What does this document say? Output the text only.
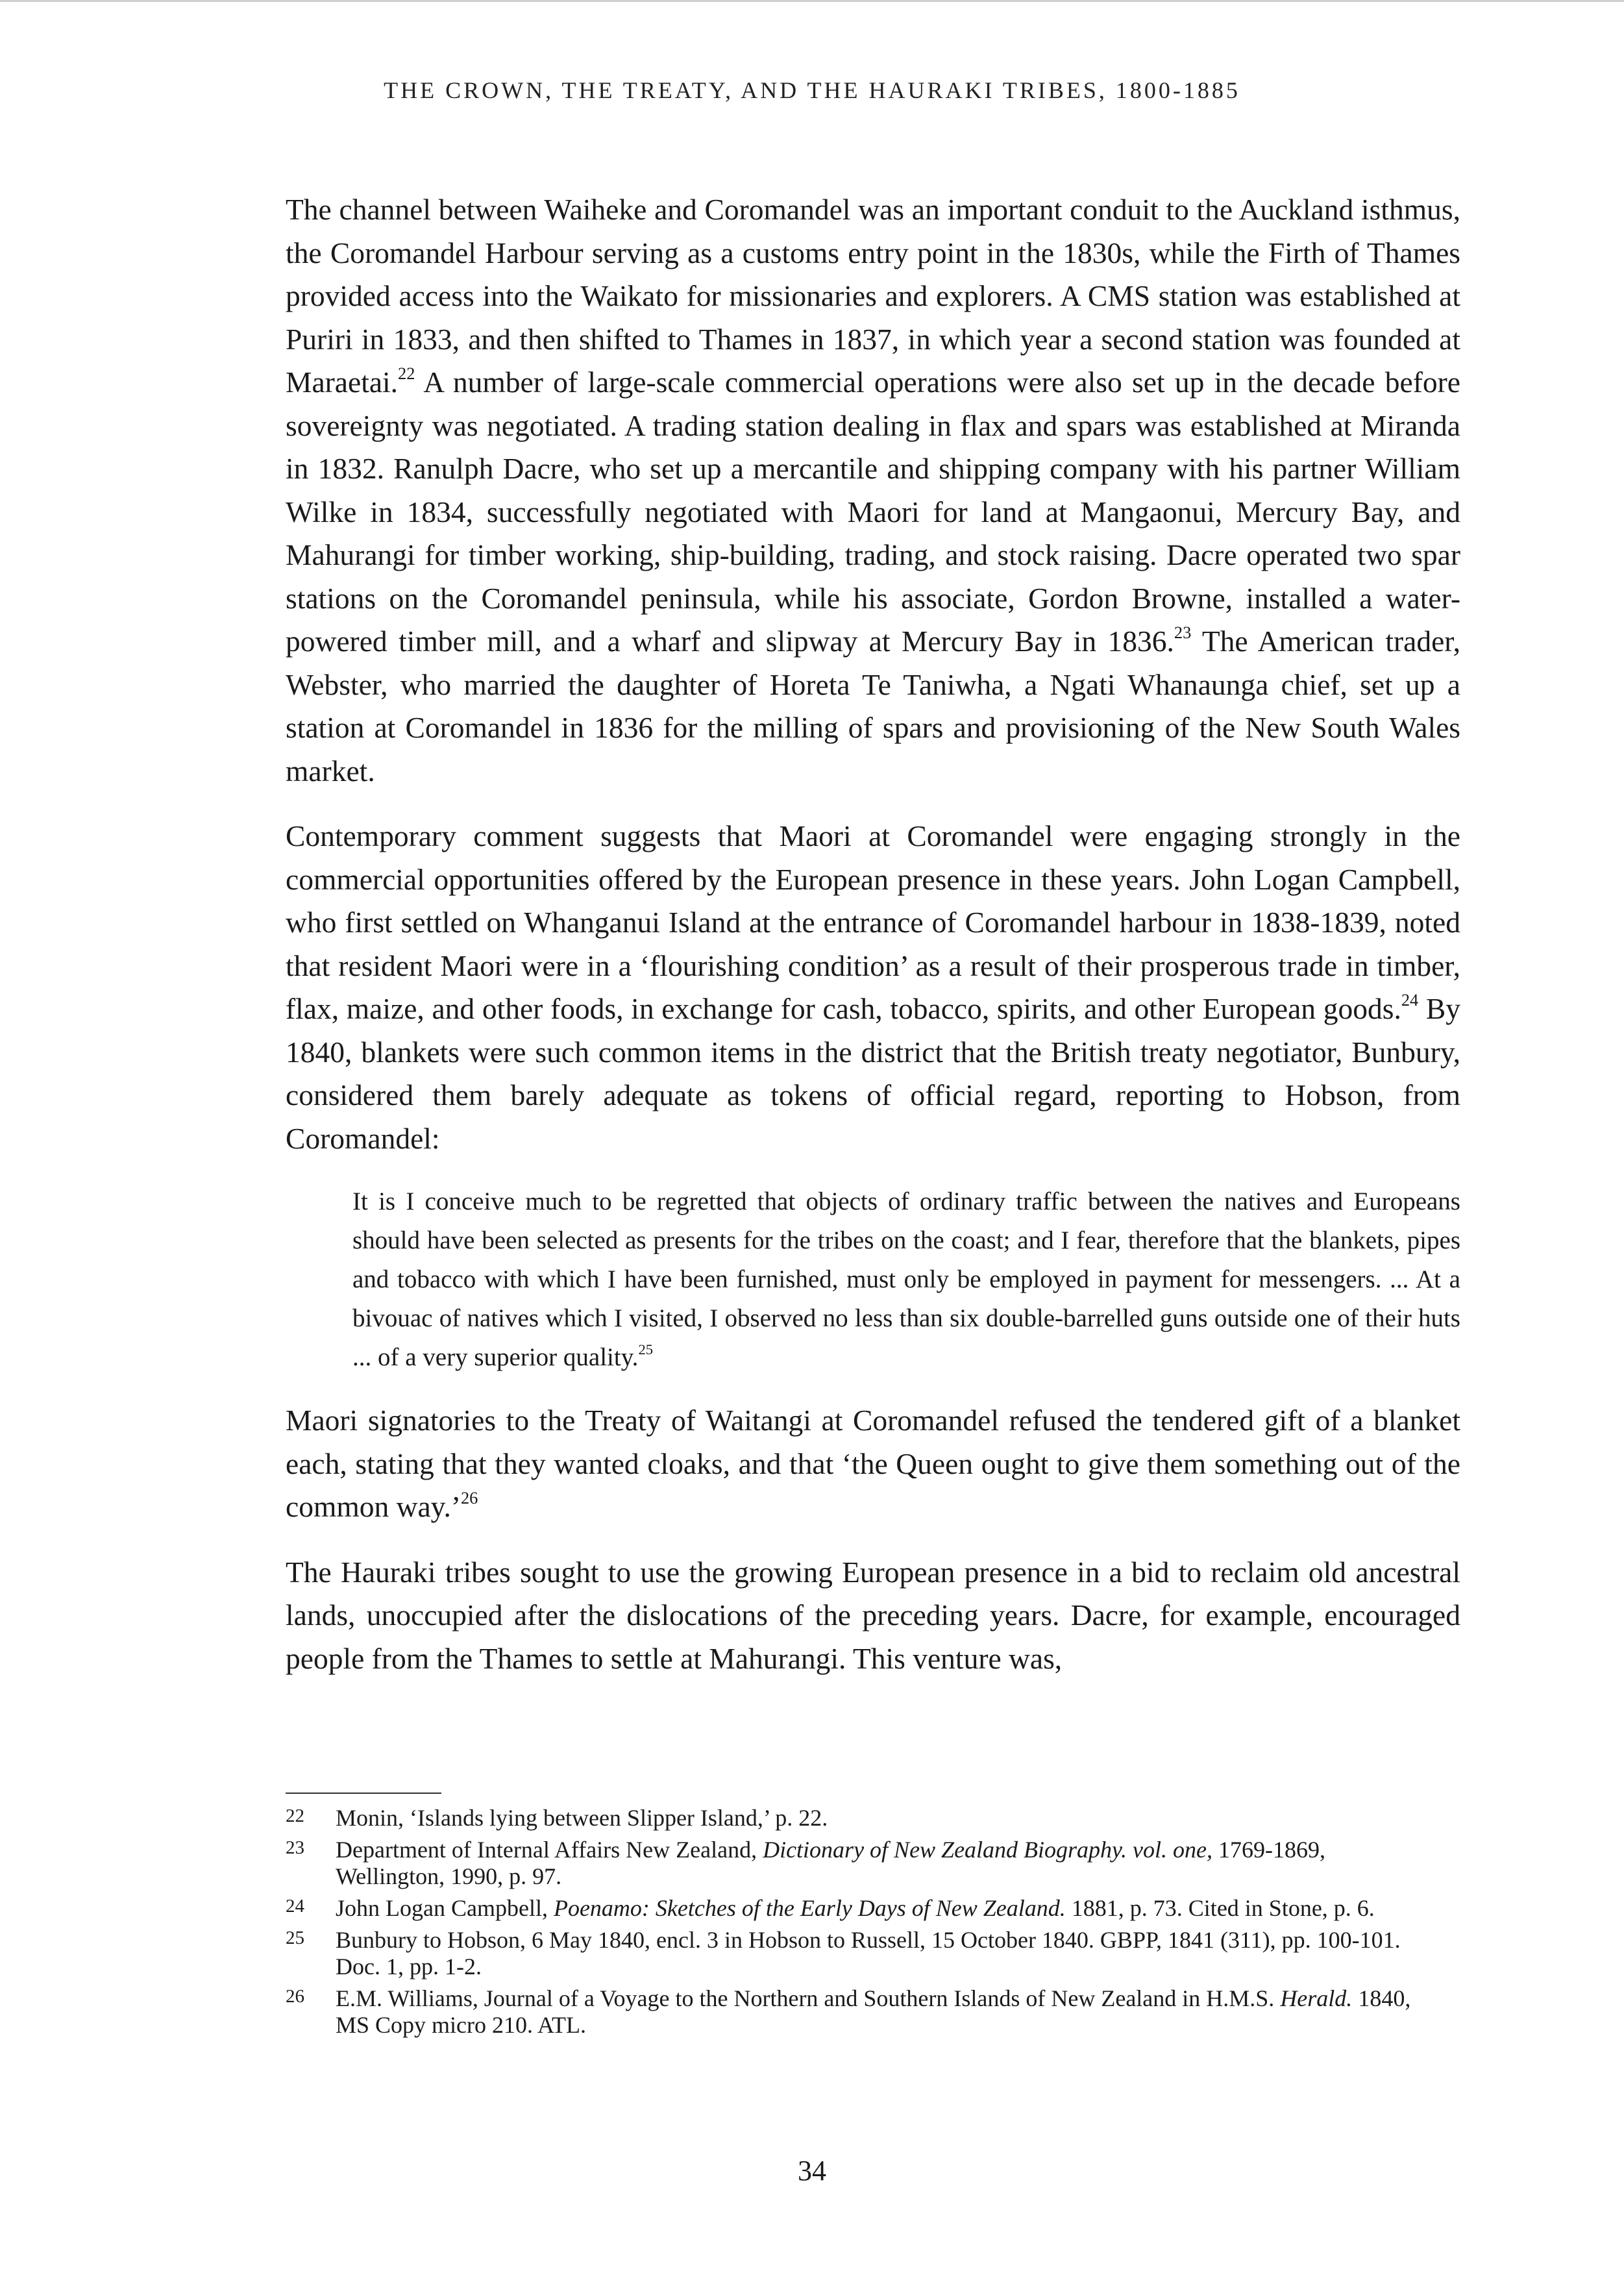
THE CROWN, THE TREATY, AND THE HAURAKI TRIBES, 1800-1885

The channel between Waiheke and Coromandel was an important conduit to the Auckland isthmus, the Coromandel Harbour serving as a customs entry point in the 1830s, while the Firth of Thames provided access into the Waikato for missionaries and explorers. A CMS station was established at Puriri in 1833, and then shifted to Thames in 1837, in which year a second station was founded at Maraetai.$^{22}$ A number of large-scale commercial operations were also set up in the decade before sovereignty was negotiated. A trading station dealing in flax and spars was established at Miranda in 1832. Ranulph Dacre, who set up a mercantile and shipping company with his partner William Wilke in 1834, successfully negotiated with Maori for land at Mangaonui, Mercury Bay, and Mahurangi for timber working, ship-building, trading, and stock raising. Dacre operated two spar stations on the Coromandel peninsula, while his associate, Gordon Browne, installed a water-powered timber mill, and a wharf and slipway at Mercury Bay in 1836.23 The American trader, Webster, who married the daughter of Horeta Te Taniwha, a Ngati Whanaunga chief, set up a station at Coromandel in 1836 for the milling of spars and provisioning of the New South Wales market.

Contemporary comment suggests that Maori at Coromandel were engaging strongly in the commercial opportunities offered by the European presence in these years. John Logan Campbell, who first settled on Whanganui Island at the entrance of Coromandel harbour in 1838-1839, noted that resident Maori were in a ‘flourishing condition’ as a result of their prosperous trade in timber, flax, maize, and other foods, in exchange for cash, tobacco, spirits, and other European goods.$^{24}$ By 1840, blankets were such common items in the district that the British treaty negotiator, Bunbury, considered them barely adequate as tokens of official regard, reporting to Hobson, from Coromandel:

It is I conceive much to be regretted that objects of ordinary traffic between the natives and Europeans should have been selected as presents for the tribes on the coast; and I fear, therefore that the blankets, pipes and tobacco with which I have been furnished, must only be employed in payment for messengers. ... At a bivouac of natives which I visited, I observed no less than six double-barrelled guns outside one of their huts ... of a very superior quality.$^{25}$

Maori signatories to the Treaty of Waitangi at Coromandel refused the tendered gift of a blanket each, stating that they wanted cloaks, and that ‘the Queen ought to give them something out of the common way.’$^{26}$

The Hauraki tribes sought to use the growing European presence in a bid to reclaim old ancestral lands, unoccupied after the dislocations of the preceding years. Dacre, for example, encouraged people from the Thames to settle at Mahurangi. This venture was,

22	Monin, ‘Islands lying between Slipper Island,’ p. 22.
23	Department of Internal Affairs New Zealand, Dictionary of New Zealand Biography. vol. one, 1769-1869, Wellington, 1990, p. 97.
24	John Logan Campbell, Poenamo: Sketches of the Early Days of New Zealand. 1881, p. 73. Cited in Stone, p. 6.
25	Bunbury to Hobson, 6 May 1840, encl. 3 in Hobson to Russell, 15 October 1840. GBPP, 1841 (311), pp. 100-101. Doc. 1, pp. 1-2.
26	E.M. Williams, Journal of a Voyage to the Northern and Southern Islands of New Zealand in H.M.S. Herald. 1840, MS Copy micro 210. ATL.
34
